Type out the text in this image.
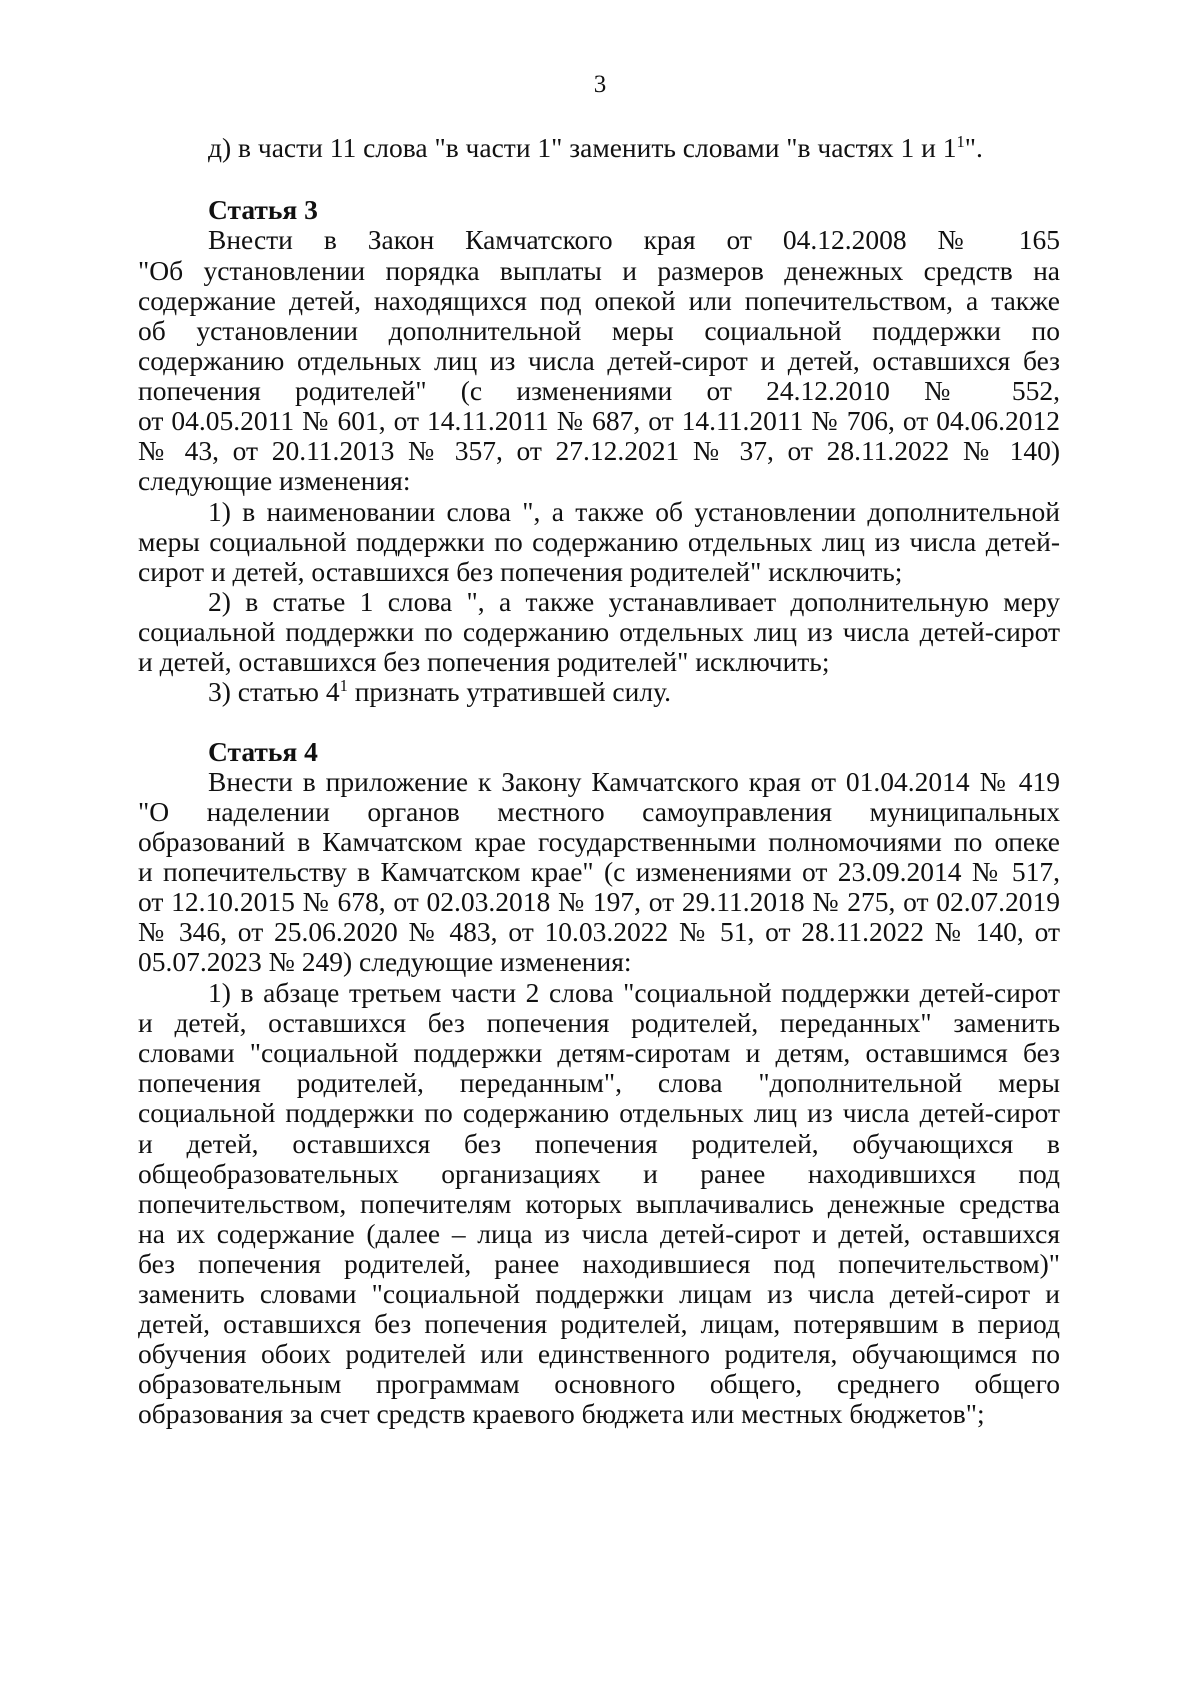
3
д) в части 11 слова "в части 1" заменить словами "в частях 1 и $1^1$".
Статья 3
Внести в Закон Камчатского края от 04.12.2008 № 165
"Об установлении порядка выплаты и размеров денежных средств на
содержание детей, находящихся под опекой или попечительством, а также
об установлении дополнительной меры социальной поддержки по
содержанию отдельных лиц из числа детей-сирот и детей, оставшихся без
попечения родителей" (с изменениями от 24.12.2010 № 552,
от 04.05.2011 № 601, от 14.11.2011 № 687, от 14.11.2011 № 706, от 04.06.2012
№ 43, от 20.11.2013 № 357, от 27.12.2021 № 37, от 28.11.2022 № 140)
следующие изменения:
1) в наименовании слова ", а также об установлении дополнительной
меры социальной поддержки по содержанию отдельных лиц из числа детей-
сирот и детей, оставшихся без попечения родителей" исключить;
2) в статье 1 слова ", а также устанавливает дополнительную меру
социальной поддержки по содержанию отдельных лиц из числа детей-сирот
и детей, оставшихся без попечения родителей" исключить;
3) статью $4^1$ признать утратившей силу.
Статья 4
Внести в приложение к Закону Камчатского края от 01.04.2014 № 419
"О наделении органов местного самоуправления муниципальных
образований в Камчатском крае государственными полномочиями по опеке
и попечительству в Камчатском крае" (с изменениями от 23.09.2014 № 517,
от 12.10.2015 № 678, от 02.03.2018 № 197, от 29.11.2018 № 275, от 02.07.2019
№ 346, от 25.06.2020 № 483, от 10.03.2022 № 51, от 28.11.2022 № 140, от
05.07.2023 № 249) следующие изменения:
1) в абзаце третьем части 2 слова "социальной поддержки детей-сирот
и детей, оставшихся без попечения родителей, переданных" заменить
словами "социальной поддержки детям-сиротам и детям, оставшимся без
попечения родителей, переданным", слова "дополнительной меры
социальной поддержки по содержанию отдельных лиц из числа детей-сирот
и детей, оставшихся без попечения родителей, обучающихся в
общеобразовательных организациях и ранее находившихся под
попечительством, попечителям которых выплачивались денежные средства
на их содержание (далее – лица из числа детей-сирот и детей, оставшихся
без попечения родителей, ранее находившиеся под попечительством)"
заменить словами "социальной поддержки лицам из числа детей-сирот и
детей, оставшихся без попечения родителей, лицам, потерявшим в период
обучения обоих родителей или единственного родителя, обучающимся по
образовательным программам основного общего, среднего общего
образования за счет средств краевого бюджета или местных бюджетов";
